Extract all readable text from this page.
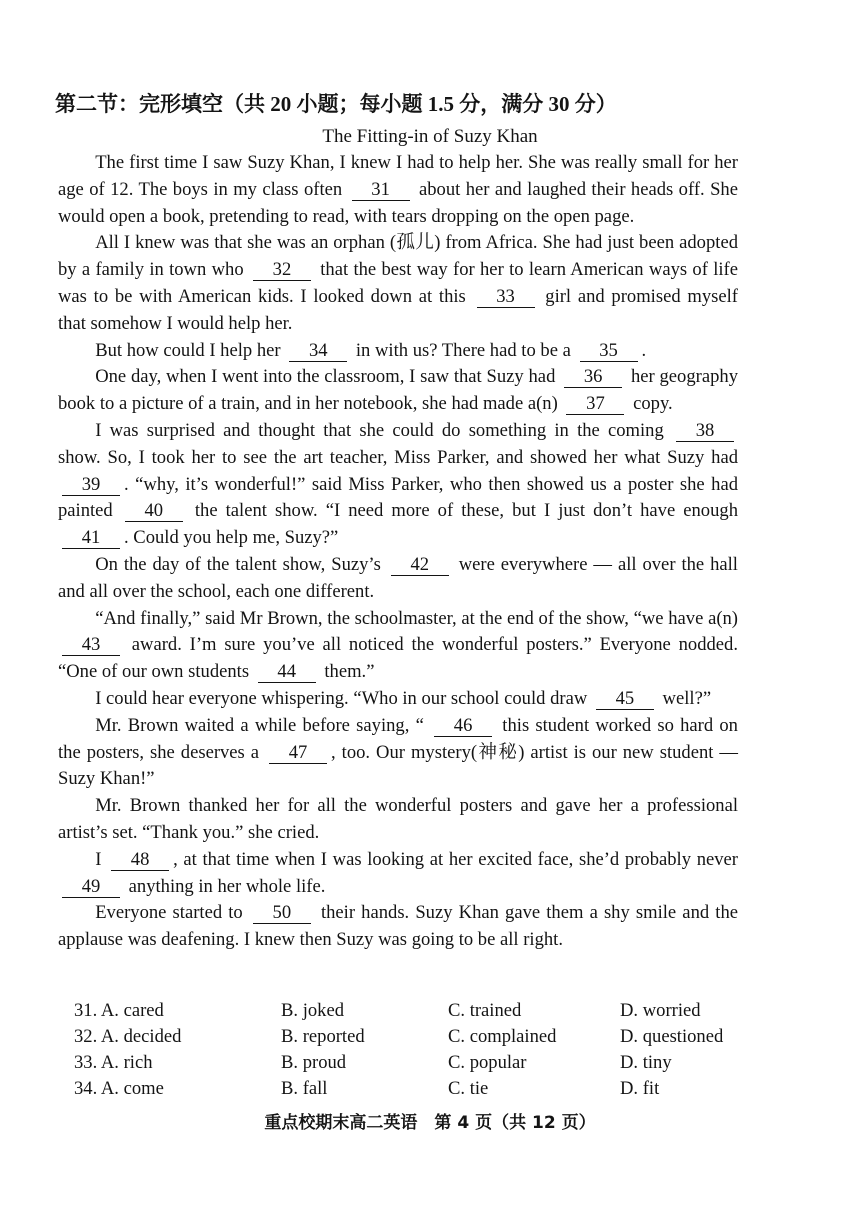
第二节：完形填空（共 20 小题；每小题 1.5 分，满分 30 分）
The Fitting-in of Suzy Khan

The first time I saw Suzy Khan, I knew I had to help her. She was really small for her age of 12. The boys in my class often 31 about her and laughed their heads off. She would open a book, pretending to read, with tears dropping on the open page.

All I knew was that she was an orphan (孤儿) from Africa. She had just been adopted by a family in town who 32 that the best way for her to learn American ways of life was to be with American kids. I looked down at this 33 girl and promised myself that somehow I would help her.

But how could I help her 34 in with us? There had to be a 35 .

One day, when I went into the classroom, I saw that Suzy had 36 her geography book to a picture of a train, and in her notebook, she had made a(n) 37 copy.

I was surprised and thought that she could do something in the coming 38 show. So, I took her to see the art teacher, Miss Parker, and showed her what Suzy had 39 . “why, it’s wonderful!” said Miss Parker, who then showed us a poster she had painted 40 the talent show. “I need more of these, but I just don’t have enough 41 . Could you help me, Suzy?”

On the day of the talent show, Suzy’s 42 were everywhere — all over the hall and all over the school, each one different.

“And finally,” said Mr Brown, the schoolmaster, at the end of the show, “we have a(n) 43 award. I’m sure you’ve all noticed the wonderful posters.” Everyone nodded. “One of our own students 44 them.”

I could hear everyone whispering. “Who in our school could draw 45 well?”

Mr. Brown waited a while before saying, “ 46 this student worked so hard on the posters, she deserves a 47 , too. Our mystery(神秘) artist is our new student — Suzy Khan!”

Mr. Brown thanked her for all the wonderful posters and gave her a professional artist’s set. “Thank you.” she cried.

I 48 , at that time when I was looking at her excited face, she’d probably never 49 anything in her whole life.

Everyone started to 50 their hands. Suzy Khan gave them a shy smile and the applause was deafening. I knew then Suzy was going to be all right.

31. A. cared	B. joked	C. trained	D. worried
32. A. decided	B. reported	C. complained	D. questioned
33. A. rich	B. proud	C. popular	D. tiny
34. A. come	B. fall	C. tie	D. fit
重点校期末高二英语　第 4 页（共 12 页）
